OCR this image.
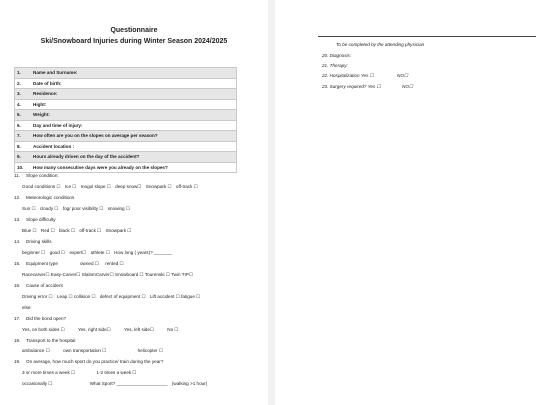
Questionnaire
Ski/Snowboard Injuries during Winter Season 2024/2025
1.	Name and Surname:
2.	Date of birth:
3.	Residence:
4.	Hight:
5.	Weight:
6.	Day and time of injury:
7.	How often are you on the slopes on average per season?
8.	Accident location :
9.	Hours already driven on the day of the accident?
10.	How many consecutive days were you already on the slopes?
11. Slope condition:
Good conditions ☐ Ice ☐ mogul slope ☐ deep snow☐ Snowpark ☐ off-track ☐
12. Meteorologic conditions
Sun ☐ cloudy ☐ fog/ poor visibility ☐ snowing ☐
13. Slope difficulty
Blue ☐ Red ☐ black ☐ off-track ☐ Snowpark ☐
14. Driving skills
beginner ☐ good ☐ expert☐ athlete ☐ How long ( years)? _______
15. Equipment type	owned ☐ rented ☐
Racecarver☐ Easy-Carver☐ SlalomCarver☐ Snowboard ☐ Tourenski ☐ Twin TIP☐
16. Cause of accident
Driving error ☐ Leap ☐ collision ☐ defect of equipment ☐ Lift accident ☐ fatigue ☐
else:
17. Did the bond open?
Yes, on both sides ☐	Yes, right side☐	Yes, left side☐	No ☐
18. Transport to the hospital
ambulance ☐	own transportation ☐	helicopter ☐
19. On average, how much sport do you practice/ train during the year?
3 or more times a week ☐	1-2 times a week ☐
occasionally ☐	What Sport? ____________________ (walking >1 hour)
To be completed by the attending physician
20. Diagnosis:
21. Therapy:
22. Hospitalization Yes ☐	NO☐
23. Surgery required? Yes ☐	NO☐
